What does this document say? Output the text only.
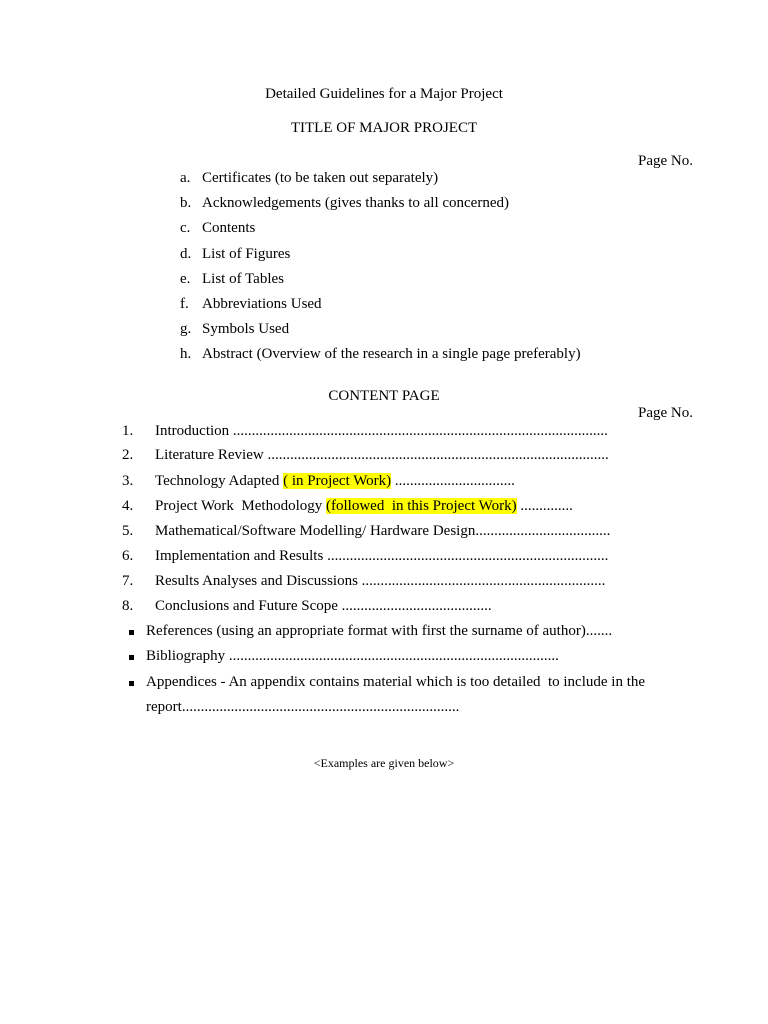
Detailed Guidelines for a Major Project
TITLE OF MAJOR PROJECT
Page No.
a. Certificates (to be taken out separately)
b. Acknowledgements (gives thanks to all concerned)
c. Contents
d. List of Figures
e. List of Tables
f. Abbreviations Used
g. Symbols Used
h. Abstract (Overview of the research in a single page preferably)
CONTENT PAGE
Page No.
1. Introduction ....................................................................................................
2. Literature Review ...........................................................................................
3. Technology Adapted ( in Project Work) ................................
4. Project Work  Methodology (followed  in this Project Work) ..............
5. Mathematical/Software Modelling/ Hardware Design....................................
6. Implementation and Results ...........................................................................
7. Results Analyses and Discussions .................................................................
8. Conclusions and Future Scope ........................................
References (using an appropriate format with first the surname of author).......
Bibliography ........................................................................................
Appendices - An appendix contains material which is too detailed  to include in the
report..........................................................................
<Examples are given below>
